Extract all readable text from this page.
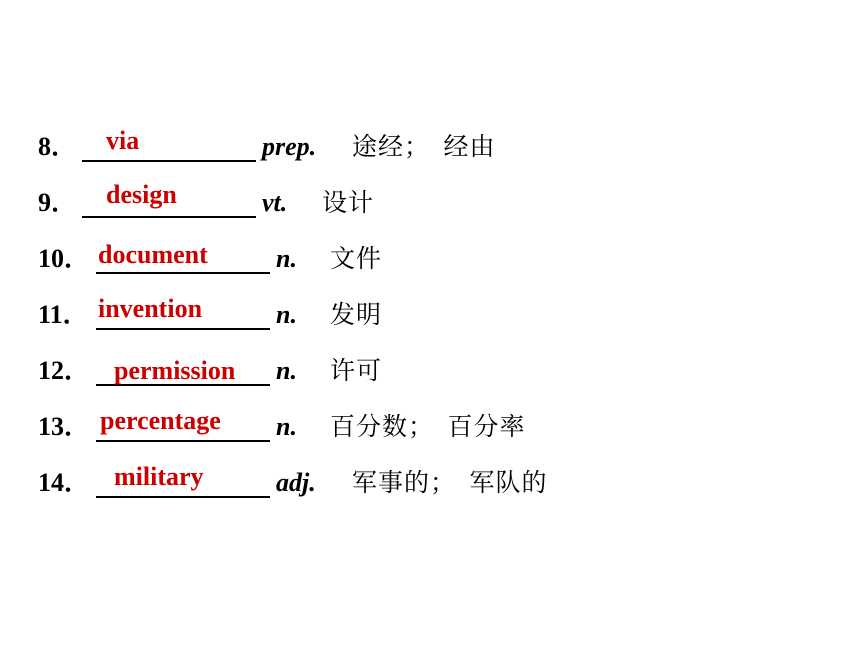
8． via	prep. 途经；　经由
9． design	vt. 设计
10． document	n. 文件
11． invention	n. 发明
12． permission n. 许可
13． percentage n. 百分数；　百分率
14． military	adj. 军事的；　军队的
